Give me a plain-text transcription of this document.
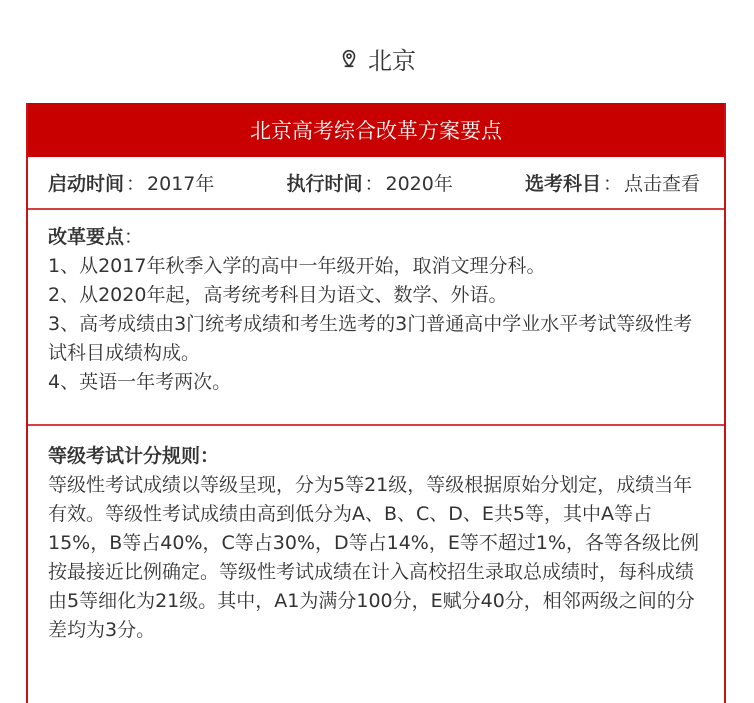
北京
北京高考综合改革方案要点
启动时间 ： 2017年	执行时间 ： 2020年	选考科目 ： 点击查看

改革要点：

1、从2017年秋季入学的高中一年级开始，取消文理分科。

2、从2020年起，高考统考科目为语文、数学、外语。

3、高考成绩由3门统考成绩和考生选考的3门普通高中学业水平考试等级性考试科目成绩构成。

4、英语一年考两次。

等级考试计分规则：

等级性考试成绩以等级呈现，分为5等21级，等级根据原始分划定，成绩当年有效。等级性考试成绩由高到低分为A、B、C、D、E共5等，其中A等占15%，B等占40%，C等占30%，D等占14%，E等不超过1%，各等各级比例按最接近比例确定。等级性考试成绩在计入高校招生录取总成绩时，每科成绩由5等细化为21级。其中，A1为满分100分，E赋分40分，相邻两级之间的分差均为3分。
